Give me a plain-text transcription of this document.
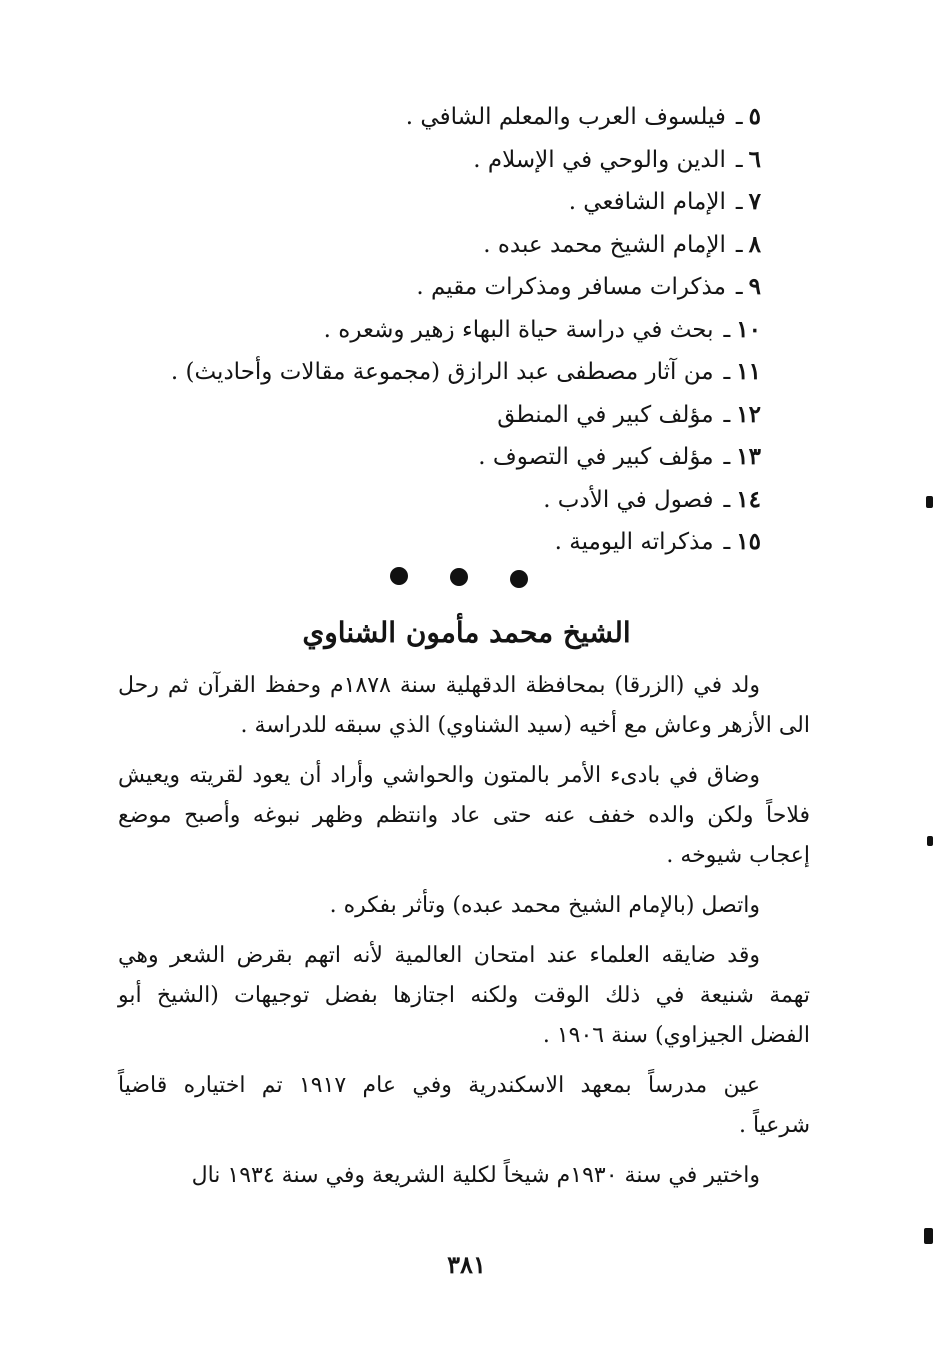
٥ـفيلسوف العرب والمعلم الشافي .
٦ـالدين والوحي في الإسلام .
٧ـالإمام الشافعي .
٨ـالإمام الشيخ محمد عبده .
٩ـمذكرات مسافر ومذكرات مقيم .
١٠ـبحث في دراسة حياة البهاء زهير وشعره .
١١ـمن آثار مصطفى عبد الرازق (مجموعة مقالات وأحاديث) .
١٢ـمؤلف كبير في المنطق
١٣ـمؤلف كبير في التصوف .
١٤ـفصول في الأدب .
١٥ـمذكراته اليومية .
الشيخ محمد مأمون الشناوي

ولد في (الزرقا) بمحافظة الدقهلية سنة ١٨٧٨م وحفظ القرآن ثم رحل
الى الأزهر وعاش مع أخيه (سيد الشناوي) الذي سبقه للدراسة .

وضاق في بادىء الأمر بالمتون والحواشي وأراد أن يعود لقريته ويعيش
فلاحاً ولكن والده خفف عنه حتى عاد وانتظم وظهر نبوغه وأصبح موضع
إعجاب شيوخه .

واتصل (بالإمام الشيخ محمد عبده) وتأثر بفكره .

وقد ضايقه العلماء عند امتحان العالمية لأنه اتهم بقرض الشعر وهي
تهمة شنيعة في ذلك الوقت ولكنه اجتازها بفضل توجيهات (الشيخ أبو
الفضل الجيزاوي) سنة ١٩٠٦ .

عين مدرساً بمعهد الاسكندرية وفي عام ١٩١٧ تم اختياره قاضياً
شرعياً .

واختير في سنة ١٩٣٠م شيخاً لكلية الشريعة وفي سنة ١٩٣٤ نال

٣٨١
